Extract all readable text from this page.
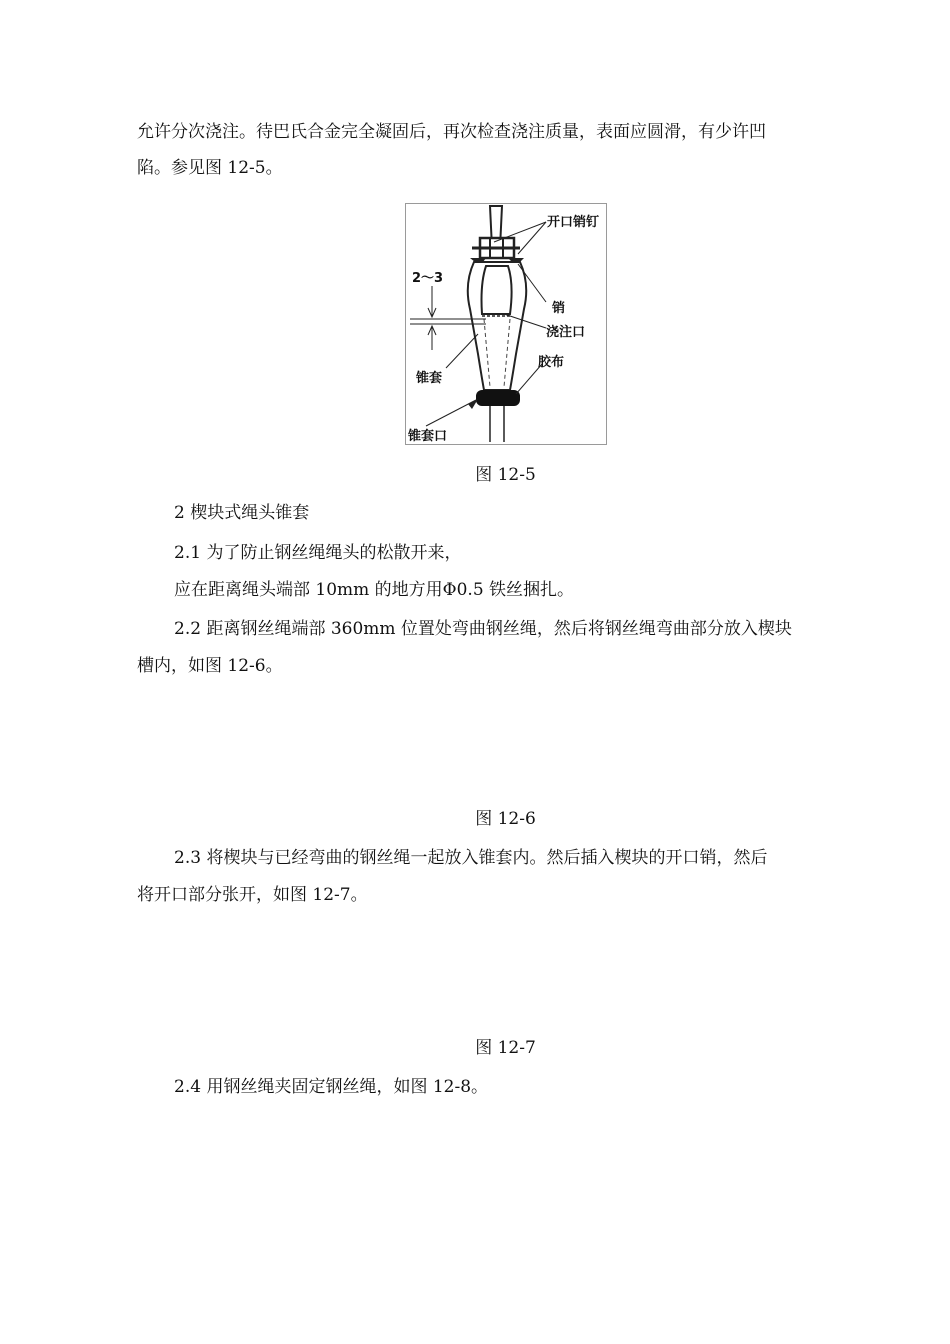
允许分次浇注。待巴氏合金完全凝固后，再次检查浇注质量，表面应圆滑，有少许凹
陷。参见图 12-5。
开口销钉
2～3
销
浇注口
锥套
胶布
锥套口
图 12-5
2 楔块式绳头锥套
2.1 为了防止钢丝绳绳头的松散开来，
应在距离绳头端部 10mm 的地方用Φ0.5 铁丝捆扎。
2.2 距离钢丝绳端部 360mm 位置处弯曲钢丝绳，然后将钢丝绳弯曲部分放入楔块
槽内，如图 12-6。
图 12-6
2.3 将楔块与已经弯曲的钢丝绳一起放入锥套内。然后插入楔块的开口销，然后
将开口部分张开，如图 12-7。
图 12-7
2.4 用钢丝绳夹固定钢丝绳，如图 12-8。
